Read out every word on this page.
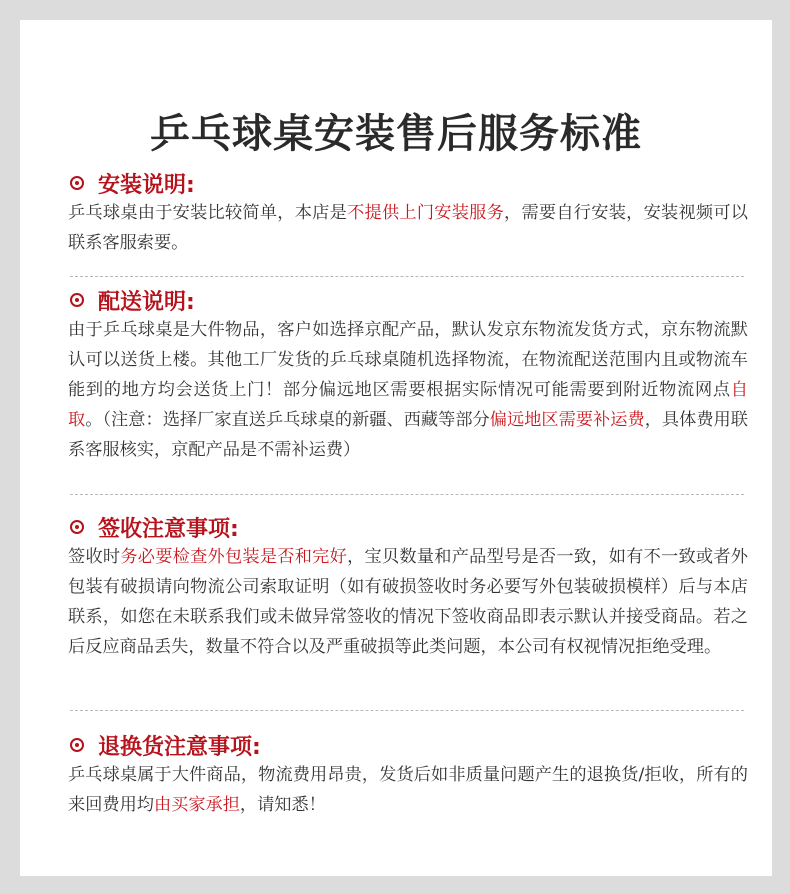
乒乓球桌安装售后服务标准
安装说明:

乒乓球桌由于安装比较简单，本店是不提供上门安装服务，需要自行安装，安装视频可以联系客服索要。

配送说明:

由于乒乓球桌是大件物品，客户如选择京配产品，默认发京东物流发货方式，京东物流默认可以送货上楼。其他工厂发货的乒乓球桌随机选择物流，在物流配送范围内且或物流车能到的地方均会送货上门！部分偏远地区需要根据实际情况可能需要到附近物流网点自取。（注意：选择厂家直送乒乓球桌的新疆、西藏等部分偏远地区需要补运费，具体费用联系客服核实，京配产品是不需补运费）

签收注意事项:

签收时务必要检查外包装是否和完好，宝贝数量和产品型号是否一致，如有不一致或者外包装有破损请向物流公司索取证明（如有破损签收时务必要写外包装破损模样）后与本店联系，如您在未联系我们或未做异常签收的情况下签收商品即表示默认并接受商品。若之后反应商品丢失，数量不符合以及严重破损等此类问题，本公司有权视情况拒绝受理。

退换货注意事项:

乒乓球桌属于大件商品，物流费用昂贵，发货后如非质量问题产生的退换货/拒收，所有的来回费用均由买家承担，请知悉！
